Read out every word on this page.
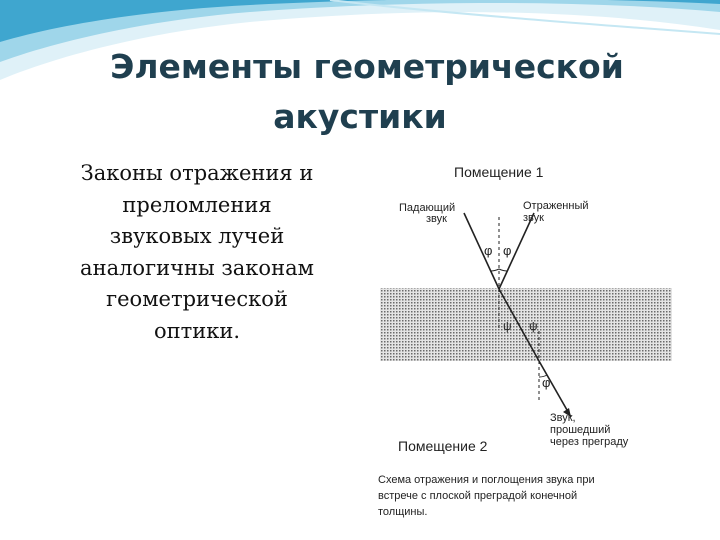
Элементы геометрической
акустики
Законы отражения и
преломления
звуковых лучей
аналогичны законам
геометрической
оптики.
Помещение 1
Падающий
звук
Отраженный
звук
φ φ
ψ ψ
φ
Звук,
прошедший
через преграду
Помещение 2
Схема отражения и поглощения звука при
встрече с плоской преградой конечной
толщины.
